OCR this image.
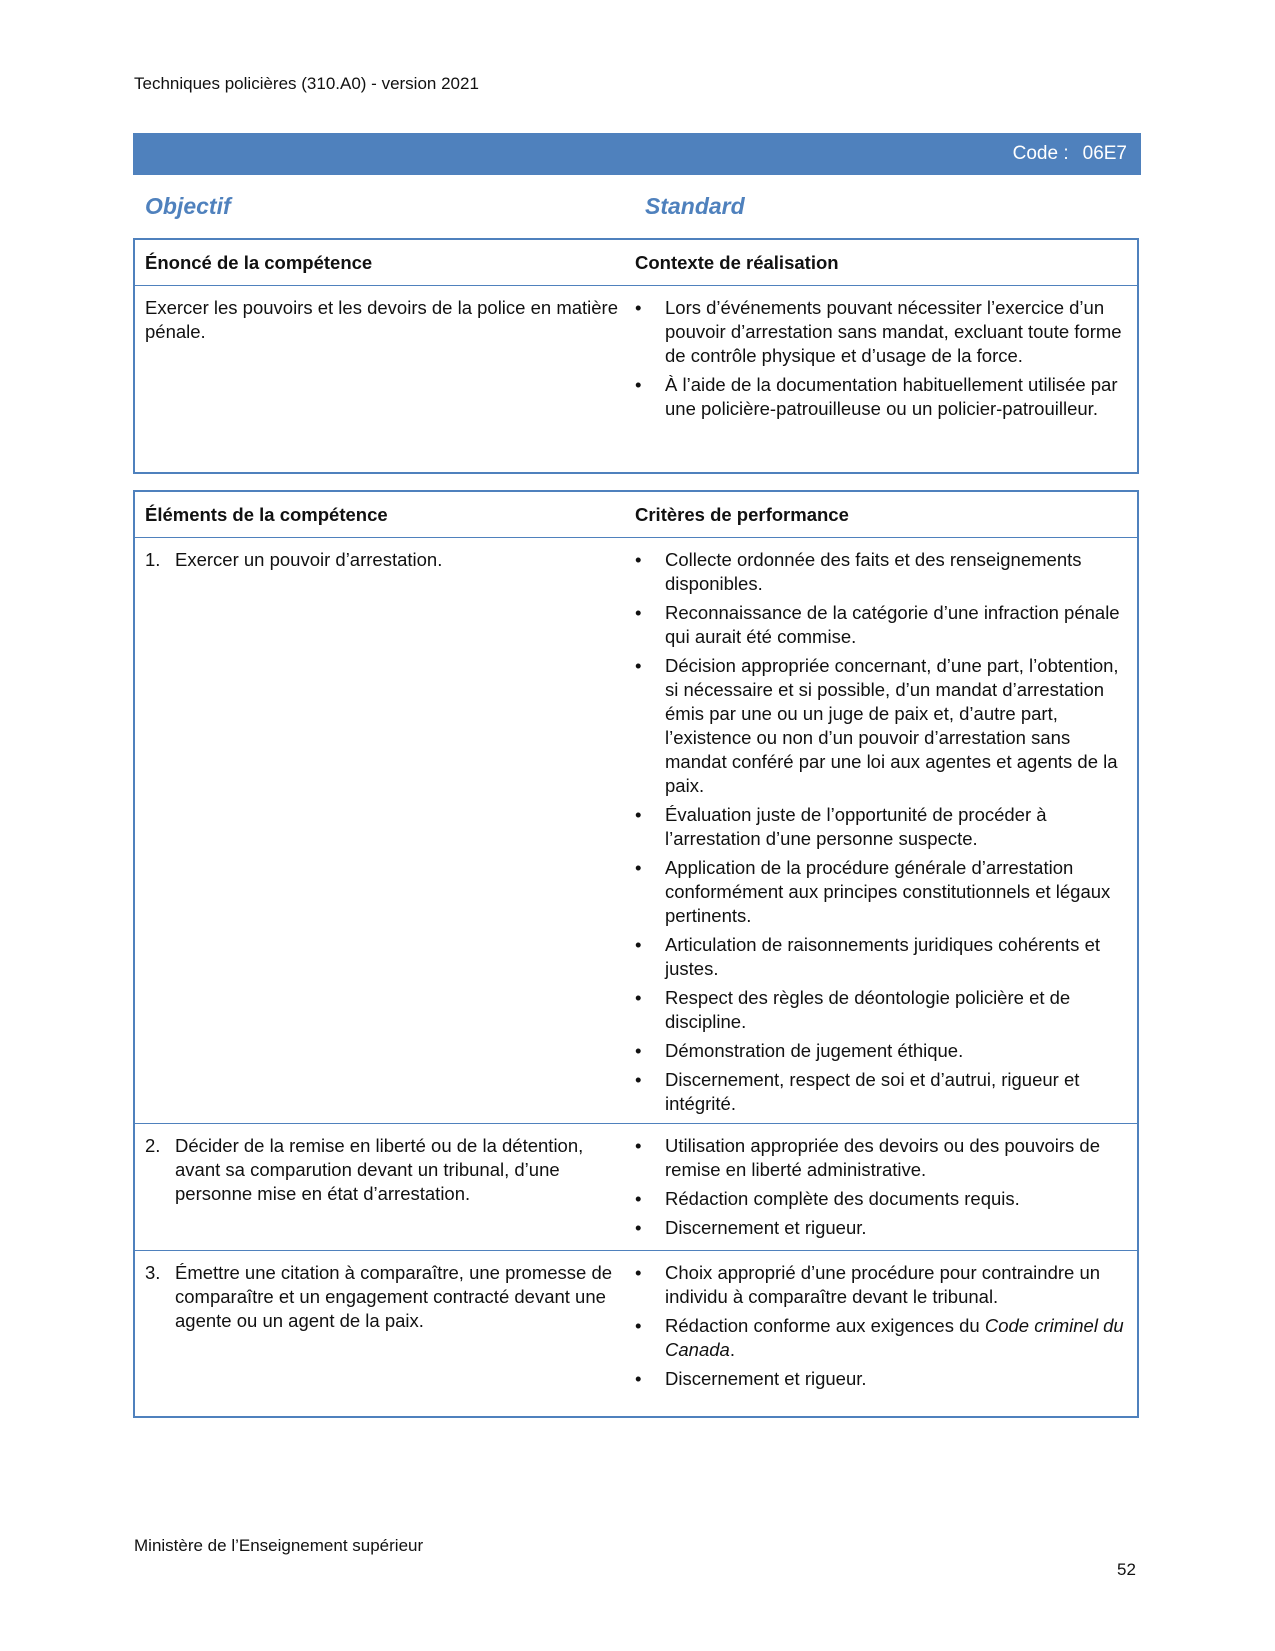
Techniques policières (310.A0) - version 2021
Code : 06E7
Objectif	Standard
Énoncé de la compétence	Contexte de réalisation
Exercer les pouvoirs et les devoirs de la police en matière pénale.
• Lors d’événements pouvant nécessiter l’exercice d’un pouvoir d’arrestation sans mandat, excluant toute forme de contrôle physique et d’usage de la force.
• À l’aide de la documentation habituellement utilisée par une policière-patrouilleuse ou un policier-patrouilleur.
Éléments de la compétence	Critères de performance
1. Exercer un pouvoir d’arrestation.
•	Collecte ordonnée des faits et des renseignements disponibles.
• Reconnaissance de la catégorie d’une infraction pénale qui aurait été commise.
• Décision appropriée concernant, d’une part, l’obtention, si nécessaire et si possible, d’un mandat d’arrestation émis par une ou un juge de paix et, d’autre part, l’existence ou non d’un pouvoir d’arrestation sans mandat conféré par une loi aux agentes et agents de la paix.
• Évaluation juste de l’opportunité de procéder à l’arrestation d’une personne suspecte.
• Application de la procédure générale d’arrestation conformément aux principes constitutionnels et légaux pertinents.
• Articulation de raisonnements juridiques cohérents et justes.
• Respect des règles de déontologie policière et de discipline.
• Démonstration de jugement éthique.
• Discernement, respect de soi et d’autrui, rigueur et intégrité.
2. Décider de la remise en liberté ou de la détention, avant sa comparution devant un tribunal, d’une personne mise en état d’arrestation.
• Utilisation appropriée des devoirs ou des pouvoirs de remise en liberté administrative.
• Rédaction complète des documents requis.
• Discernement et rigueur.
3. Émettre une citation à comparaître, une promesse de comparaître et un engagement contracté devant une agente ou un agent de la paix.
• Choix approprié d’une procédure pour contraindre un individu à comparaître devant le tribunal.
• Rédaction conforme aux exigences du Code criminel du Canada.
• Discernement et rigueur.
Ministère de l’Enseignement supérieur
52
